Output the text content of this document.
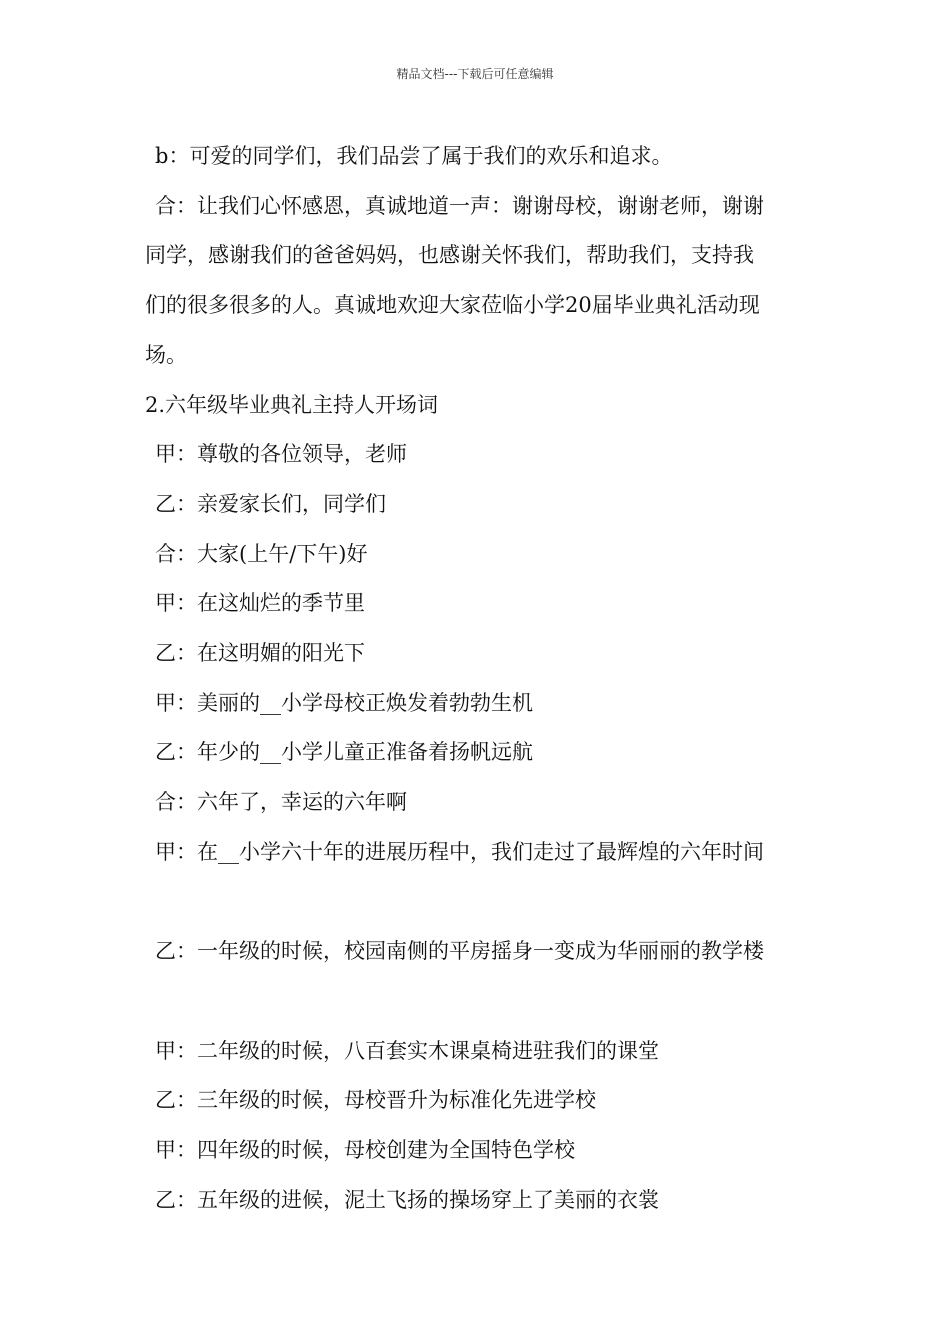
精品文档---下载后可任意编辑

b：可爱的同学们，我们品尝了属于我们的欢乐和追求。

合：让我们心怀感恩，真诚地道一声：谢谢母校，谢谢老师，谢谢
同学，感谢我们的爸爸妈妈，也感谢关怀我们，帮助我们，支持我
们的很多很多的人。真诚地欢迎大家莅临小学20届毕业典礼活动现
场。

2.六年级毕业典礼主持人开场词

甲：尊敬的各位领导，老师

乙：亲爱家长们，同学们

合：大家(上午/下午)好

甲：在这灿烂的季节里

乙：在这明媚的阳光下

甲：美丽的__小学母校正焕发着勃勃生机

乙：年少的__小学儿童正准备着扬帆远航

合：六年了，幸运的六年啊

甲：在__小学六十年的进展历程中，我们走过了最辉煌的六年时间

乙：一年级的时候，校园南侧的平房摇身一变成为华丽丽的教学楼

甲：二年级的时候，八百套实木课桌椅进驻我们的课堂

乙：三年级的时候，母校晋升为标准化先进学校

甲：四年级的时候，母校创建为全国特色学校

乙：五年级的进候，泥土飞扬的操场穿上了美丽的衣裳
